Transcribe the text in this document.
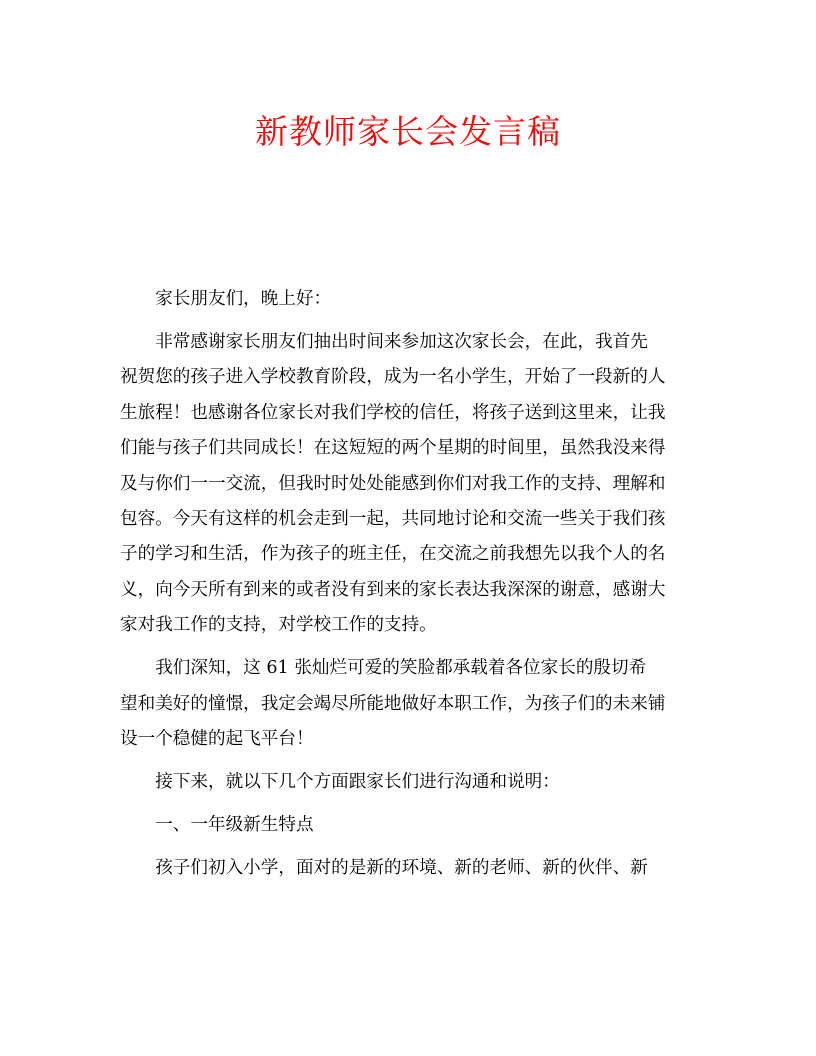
新教师家长会发言稿

家长朋友们，晚上好：

非常感谢家长朋友们抽出时间来参加这次家长会，在此，我首先
祝贺您的孩子进入学校教育阶段，成为一名小学生，开始了一段新的人
生旅程！也感谢各位家长对我们学校的信任，将孩子送到这里来，让我
们能与孩子们共同成长！在这短短的两个星期的时间里，虽然我没来得
及与你们一一交流，但我时时处处能感到你们对我工作的支持、理解和
包容。今天有这样的机会走到一起，共同地讨论和交流一些关于我们孩
子的学习和生活，作为孩子的班主任，在交流之前我想先以我个人的名
义，向今天所有到来的或者没有到来的家长表达我深深的谢意，感谢大
家对我工作的支持，对学校工作的支持。

我们深知，这 61 张灿烂可爱的笑脸都承载着各位家长的殷切希
望和美好的憧憬，我定会竭尽所能地做好本职工作，为孩子们的未来铺
设一个稳健的起飞平台！

接下来，就以下几个方面跟家长们进行沟通和说明：

一、一年级新生特点

孩子们初入小学，面对的是新的环境、新的老师、新的伙伴、新
